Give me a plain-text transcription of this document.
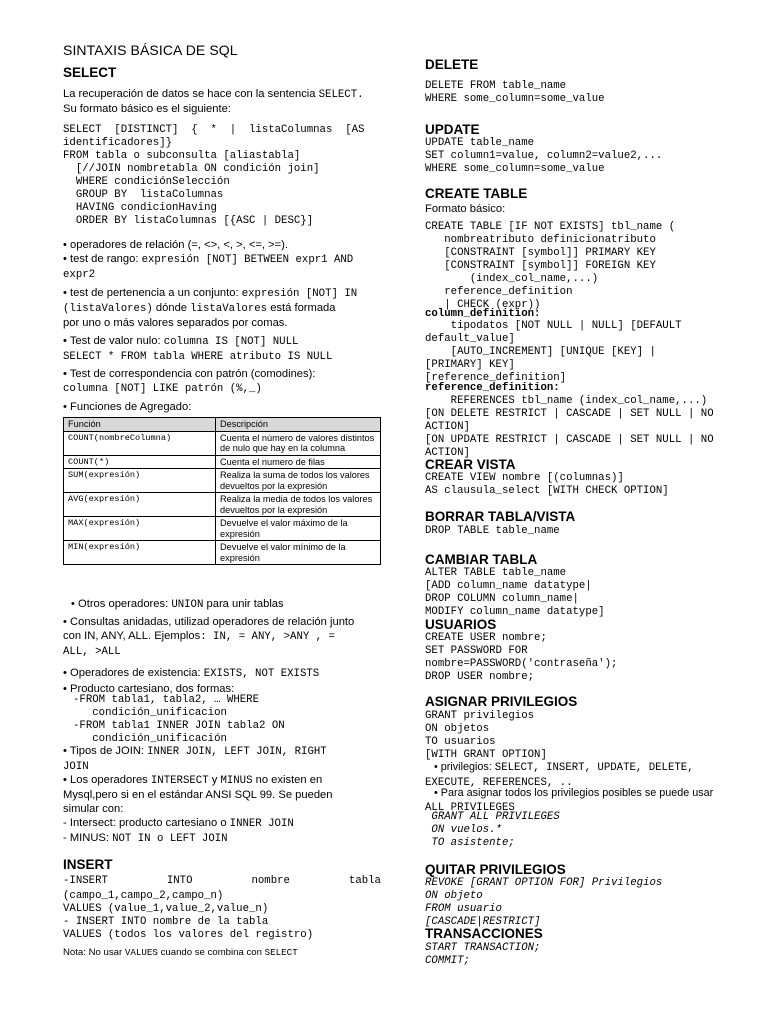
SINTAXIS BÁSICA DE SQL
SELECT
La recuperación de datos se hace con la sentencia SELECT.
Su formato básico es el siguiente:
SELECT  [DISTINCT]  {  *  |  listaColumnas  [AS
identificadores]}
FROM tabla o subconsulta [aliastabla]
[//JOIN nombretabla ON condición join]
WHERE condiciónSelección
GROUP BY  listaColumnas
HAVING condicionHaving
ORDER BY listaColumnas [{ASC | DESC}]
• operadores de relación (=, <>, <, >, <=, >=).
• test de rango: expresión [NOT] BETWEEN expr1 AND
expr2
• test de pertenencia a un conjunto: expresión [NOT] IN
(listaValores) dónde listaValores está formada
por uno o más valores separados por comas.
• Test de valor nulo: columna IS [NOT] NULL
SELECT * FROM tabla WHERE atributo IS NULL
• Test de correspondencia con patrón (comodines):
columna [NOT] LIKE patrón (%,_)
• Funciones de Agregado:
Función	Descripción
COUNT(nombreColumna)	Cuenta el número de valores distintos de nulo que hay en la columna
COUNT(*)	Cuenta el numero de filas
SUM(expresión)	Realiza la suma de todos los valores devueltos por la expresión
AVG(expresión)	Realiza la media de todos los valores devueltos por la expresión
MAX(expresión)	Devuelve el valor máximo de la expresión
MIN(expresión)	Devuelve el valor mínimo de la expresión
• Otros operadores: UNION para unir tablas
• Consultas anidadas, utilizad operadores de relación junto
con IN, ANY, ALL. Ejemplos: IN, = ANY, >ANY , =
ALL, >ALL
• Operadores de existencia: EXISTS, NOT EXISTS
• Producto cartesiano, dos formas:
-FROM tabla1, tabla2, … WHERE
condición_unificacion
-FROM tabla1 INNER JOIN tabla2 ON
condición_unificación
• Tipos de JOIN: INNER JOIN, LEFT JOIN, RIGHT
JOIN
• Los operadores INTERSECT y MINUS no existen en
Mysql,pero si en el estándar ANSI SQL 99. Se pueden
simular con:
- Intersect: producto cartesiano o INNER JOIN
- MINUS: NOT IN o LEFT JOIN
INSERT
-INSERT	INTO	nombre	tabla
(campo_1,campo_2,campo_n)
VALUES (value_1,value_2,value_n)
- INSERT INTO nombre de la tabla
VALUES (todos los valores del registro)
Nota: No usar VALUES cuando se combina con SELECT
DELETE
DELETE FROM table_name
WHERE some_column=some_value
UPDATE
UPDATE table_name
SET column1=value, column2=value2,...
WHERE some_column=some_value
CREATE TABLE
Formato básico:
CREATE TABLE [IF NOT EXISTS] tbl_name (
nombreatributo definicionatributo
[CONSTRAINT [symbol]] PRIMARY KEY
[CONSTRAINT [symbol]] FOREIGN KEY
(index_col_name,...)
reference_definition
| CHECK (expr))
column_definition:
tipodatos [NOT NULL | NULL] [DEFAULT
default_value]
[AUTO_INCREMENT] [UNIQUE [KEY] |
[PRIMARY] KEY]
[reference_definition]
reference_definition:
REFERENCES tbl_name (index_col_name,...)
[ON DELETE RESTRICT | CASCADE | SET NULL | NO
ACTION]
[ON UPDATE RESTRICT | CASCADE | SET NULL | NO
ACTION]
CREAR VISTA
CREATE VIEW nombre [(columnas)]
AS clausula_select [WITH CHECK OPTION]
BORRAR TABLA/VISTA
DROP TABLE table_name
CAMBIAR TABLA
ALTER TABLE table_name
[ADD column_name datatype|
DROP COLUMN column_name|
MODIFY column_name datatype]
USUARIOS
CREATE USER nombre;
SET PASSWORD FOR
nombre=PASSWORD('contraseña');
DROP USER nombre;
ASIGNAR PRIVILEGIOS
GRANT privilegios
ON objetos
TO usuarios
[WITH GRANT OPTION]
• privilegios: SELECT, INSERT, UPDATE, DELETE,
EXECUTE, REFERENCES, ..
• Para asignar todos los privilegios posibles se puede usar
ALL PRIVILEGES
GRANT ALL PRIVILEGES
ON vuelos.*
TO asistente;
QUITAR PRIVILEGIOS
REVOKE [GRANT OPTION FOR] Privilegios
ON objeto
FROM usuario
[CASCADE|RESTRICT]
TRANSACCIONES
START TRANSACTION;
COMMIT;
